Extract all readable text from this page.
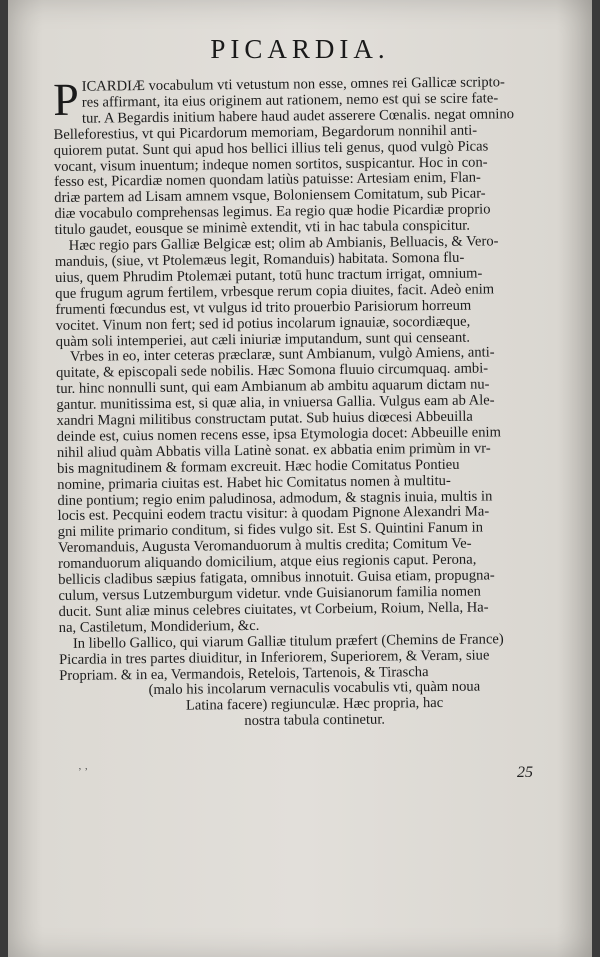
PICARDIA.
P ICARDIÆ vocabulum vti vetustum non esse, omnes rei Gallicæ scripto-
res affirmant, ita eius originem aut rationem, nemo est qui se scire fate-
tur. A Begardis initium habere haud audet asserere Cœnalis. negat omnino
Belleforestius, vt qui Picardorum memoriam, Begardorum nonnihil anti-
quiorem putat. Sunt qui apud hos bellici illius teli genus, quod vulgò Picas
vocant, visum inuentum; indeque nomen sortitos, suspicantur. Hoc in con-
fesso est, Picardiæ nomen quondam latiùs patuisse: Artesiam enim, Flan-
driæ partem ad Lisam amnem vsque, Boloniensem Comitatum, sub Picar-
diæ vocabulo comprehensas legimus. Ea regio quæ hodie Picardiæ proprio
titulo gaudet, eousque se minimè extendit, vti in hac tabula conspicitur.
Hæc regio pars Galliæ Belgicæ est; olim ab Ambianis, Belluacis, & Vero-
manduis, (siue, vt Ptolemæus legit, Romanduis) habitata. Somona flu-
uius, quem Phrudim Ptolemæi putant, totū hunc tractum irrigat, omnium-
que frugum agrum fertilem, vrbesque rerum copia diuites, facit. Adeò enim
frumenti fœcundus est, vt vulgus id trito prouerbio Parisiorum horreum
vocitet. Vinum non fert; sed id potius incolarum ignauiæ, socordiæque,
quàm soli intemperiei, aut cæli iniuriæ imputandum, sunt qui censeant.
Vrbes in eo, inter ceteras præclaræ, sunt Ambianum, vulgò Amiens, anti-
quitate, & episcopali sede nobilis. Hæc Somona fluuio circumquaq. ambi-
tur. hinc nonnulli sunt, qui eam Ambianum ab ambitu aquarum dictam nu-
gantur. munitissima est, si quæ alia, in vniuersa Gallia. Vulgus eam ab Ale-
xandri Magni militibus constructam putat. Sub huius diœcesi Abbeuilla
deinde est, cuius nomen recens esse, ipsa Etymologia docet: Abbeuille enim
nihil aliud quàm Abbatis villa Latinè sonat. ex abbatia enim primùm in vr-
bis magnitudinem & formam excreuit. Hæc hodie Comitatus Pontieu
nomine, primaria ciuitas est. Habet hic Comitatus nomen à multitu-
dine pontium; regio enim paludinosa, admodum, & stagnis inuia, multis in
locis est. Pecquini eodem tractu visitur: à quodam Pignone Alexandri Ma-
gni milite primario conditum, si fides vulgo sit. Est S. Quintini Fanum in
Veromanduis, Augusta Veromanduorum à multis credita; Comitum Ve-
romanduorum aliquando domicilium, atque eius regionis caput. Perona,
bellicis cladibus sæpius fatigata, omnibus innotuit. Guisa etiam, propugna-
culum, versus Lutzemburgum videtur. vnde Guisianorum familia nomen
ducit. Sunt aliæ minus celebres ciuitates, vt Corbeium, Roium, Nella, Ha-
na, Castiletum, Mondiderium, &c.
In libello Gallico, qui viarum Galliæ titulum præfert (Chemins de France)
Picardia in tres partes diuiditur, in Inferiorem, Superiorem, & Veram, siue
Propriam. & in ea, Vermandois, Retelois, Tartenois, & Tirascha
(malo his incolarum vernaculis vocabulis vti, quàm noua
Latina facere) regiunculæ. Hæc propria, hac
nostra tabula continetur.
ʼ ʼ	25
